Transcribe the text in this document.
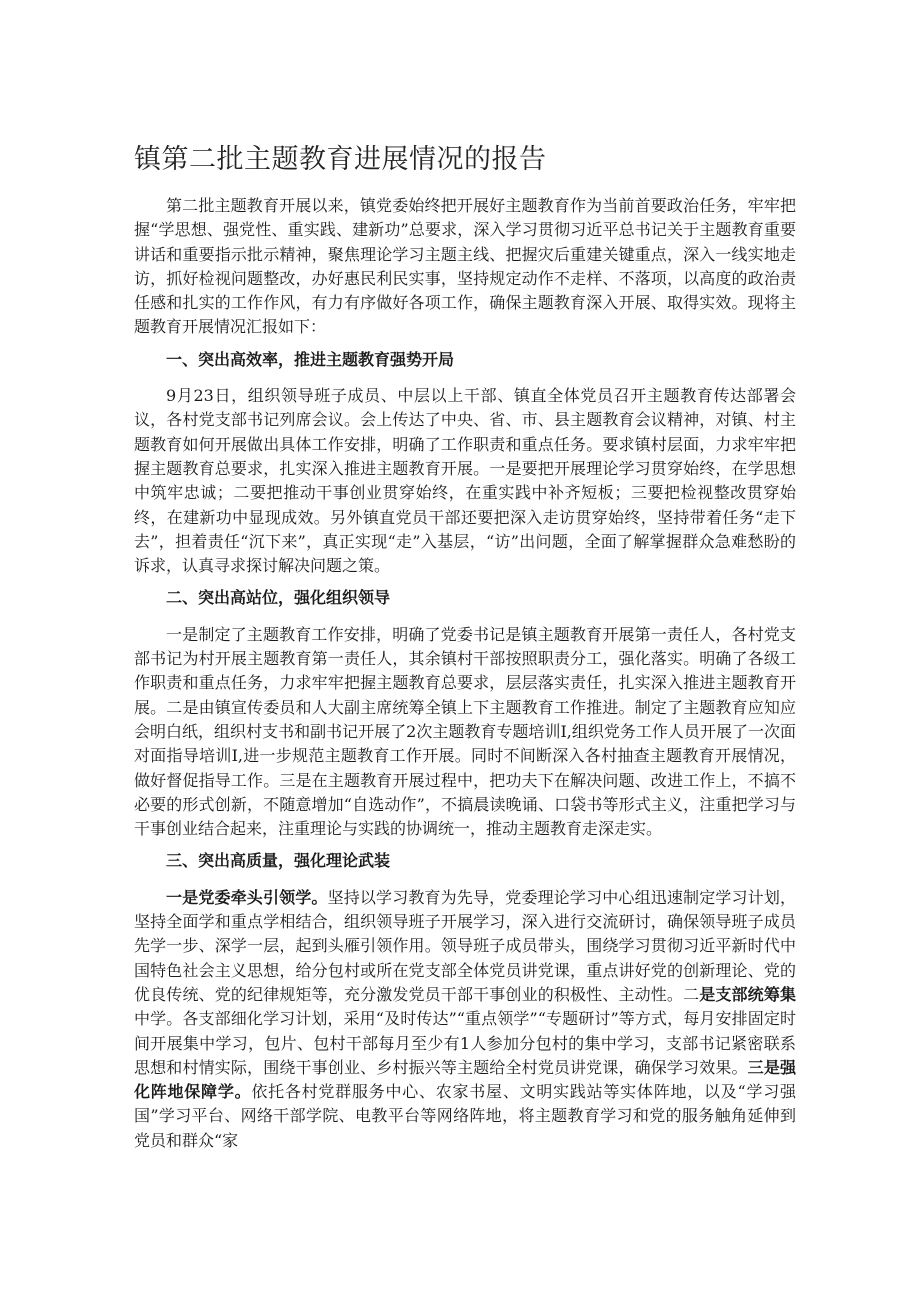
镇第二批主题教育进展情况的报告

第二批主题教育开展以来，镇党委始终把开展好主题教育作为当前首要政治任务，牢牢把握“学思想、强党性、重实践、建新功”总要求，深入学习贯彻习近平总书记关于主题教育重要讲话和重要指示批示精神，聚焦理论学习主题主线、把握灾后重建关键重点，深入一线实地走访，抓好检视问题整改，办好惠民利民实事，坚持规定动作不走样、不落项，以高度的政治责任感和扎实的工作作风，有力有序做好各项工作，确保主题教育深入开展、取得实效。现将主题教育开展情况汇报如下：

一、突出高效率，推进主题教育强势开局

9月23日，组织领导班子成员、中层以上干部、镇直全体党员召开主题教育传达部署会议，各村党支部书记列席会议。会上传达了中央、省、市、县主题教育会议精神，对镇、村主题教育如何开展做出具体工作安排，明确了工作职责和重点任务。要求镇村层面，力求牢牢把握主题教育总要求，扎实深入推进主题教育开展。一是要把开展理论学习贯穿始终，在学思想中筑牢忠诚；二要把推动干事创业贯穿始终，在重实践中补齐短板；三要把检视整改贯穿始终，在建新功中显现成效。另外镇直党员干部还要把深入走访贯穿始终，坚持带着任务“走下去”，担着责任“沉下来”，真正实现“走”入基层，“访”出问题，全面了解掌握群众急难愁盼的诉求，认真寻求探讨解决问题之策。

二、突出高站位，强化组织领导

一是制定了主题教育工作安排，明确了党委书记是镇主题教育开展第一责任人，各村党支部书记为村开展主题教育第一责任人，其余镇村干部按照职责分工，强化落实。明确了各级工作职责和重点任务，力求牢牢把握主题教育总要求，层层落实责任，扎实深入推进主题教育开展。二是由镇宣传委员和人大副主席统筹全镇上下主题教育工作推进。制定了主题教育应知应会明白纸，组织村支书和副书记开展了2次主题教育专题培训I,组织党务工作人员开展了一次面对面指导培训I,进一步规范主题教育工作开展。同时不间断深入各村抽查主题教育开展情况，做好督促指导工作。三是在主题教育开展过程中，把功夫下在解决问题、改进工作上，不搞不必要的形式创新，不随意增加“自选动作”，不搞晨读晚诵、口袋书等形式主义，注重把学习与干事创业结合起来，注重理论与实践的协调统一，推动主题教育走深走实。

三、突出高质量，强化理论武装

一是党委牵头引领学。坚持以学习教育为先导，党委理论学习中心组迅速制定学习计划，坚持全面学和重点学相结合，组织领导班子开展学习，深入进行交流研讨，确保领导班子成员先学一步、深学一层，起到头雁引领作用。领导班子成员带头，围绕学习贯彻习近平新时代中国特色社会主义思想，给分包村或所在党支部全体党员讲党课，重点讲好党的创新理论、党的优良传统、党的纪律规矩等，充分激发党员干部干事创业的积极性、主动性。二是支部统筹集中学。各支部细化学习计划，采用“及时传达”“重点领学”“专题研讨”等方式，每月安排固定时间开展集中学习，包片、包村干部每月至少有1人参加分包村的集中学习，支部书记紧密联系思想和村情实际，围绕干事创业、乡村振兴等主题给全村党员讲党课，确保学习效果。三是强化阵地保障学。依托各村党群服务中心、农家书屋、文明实践站等实体阵地，以及“学习强国”学习平台、网络干部学院、电教平台等网络阵地，将主题教育学习和党的服务触角延伸到党员和群众“家
